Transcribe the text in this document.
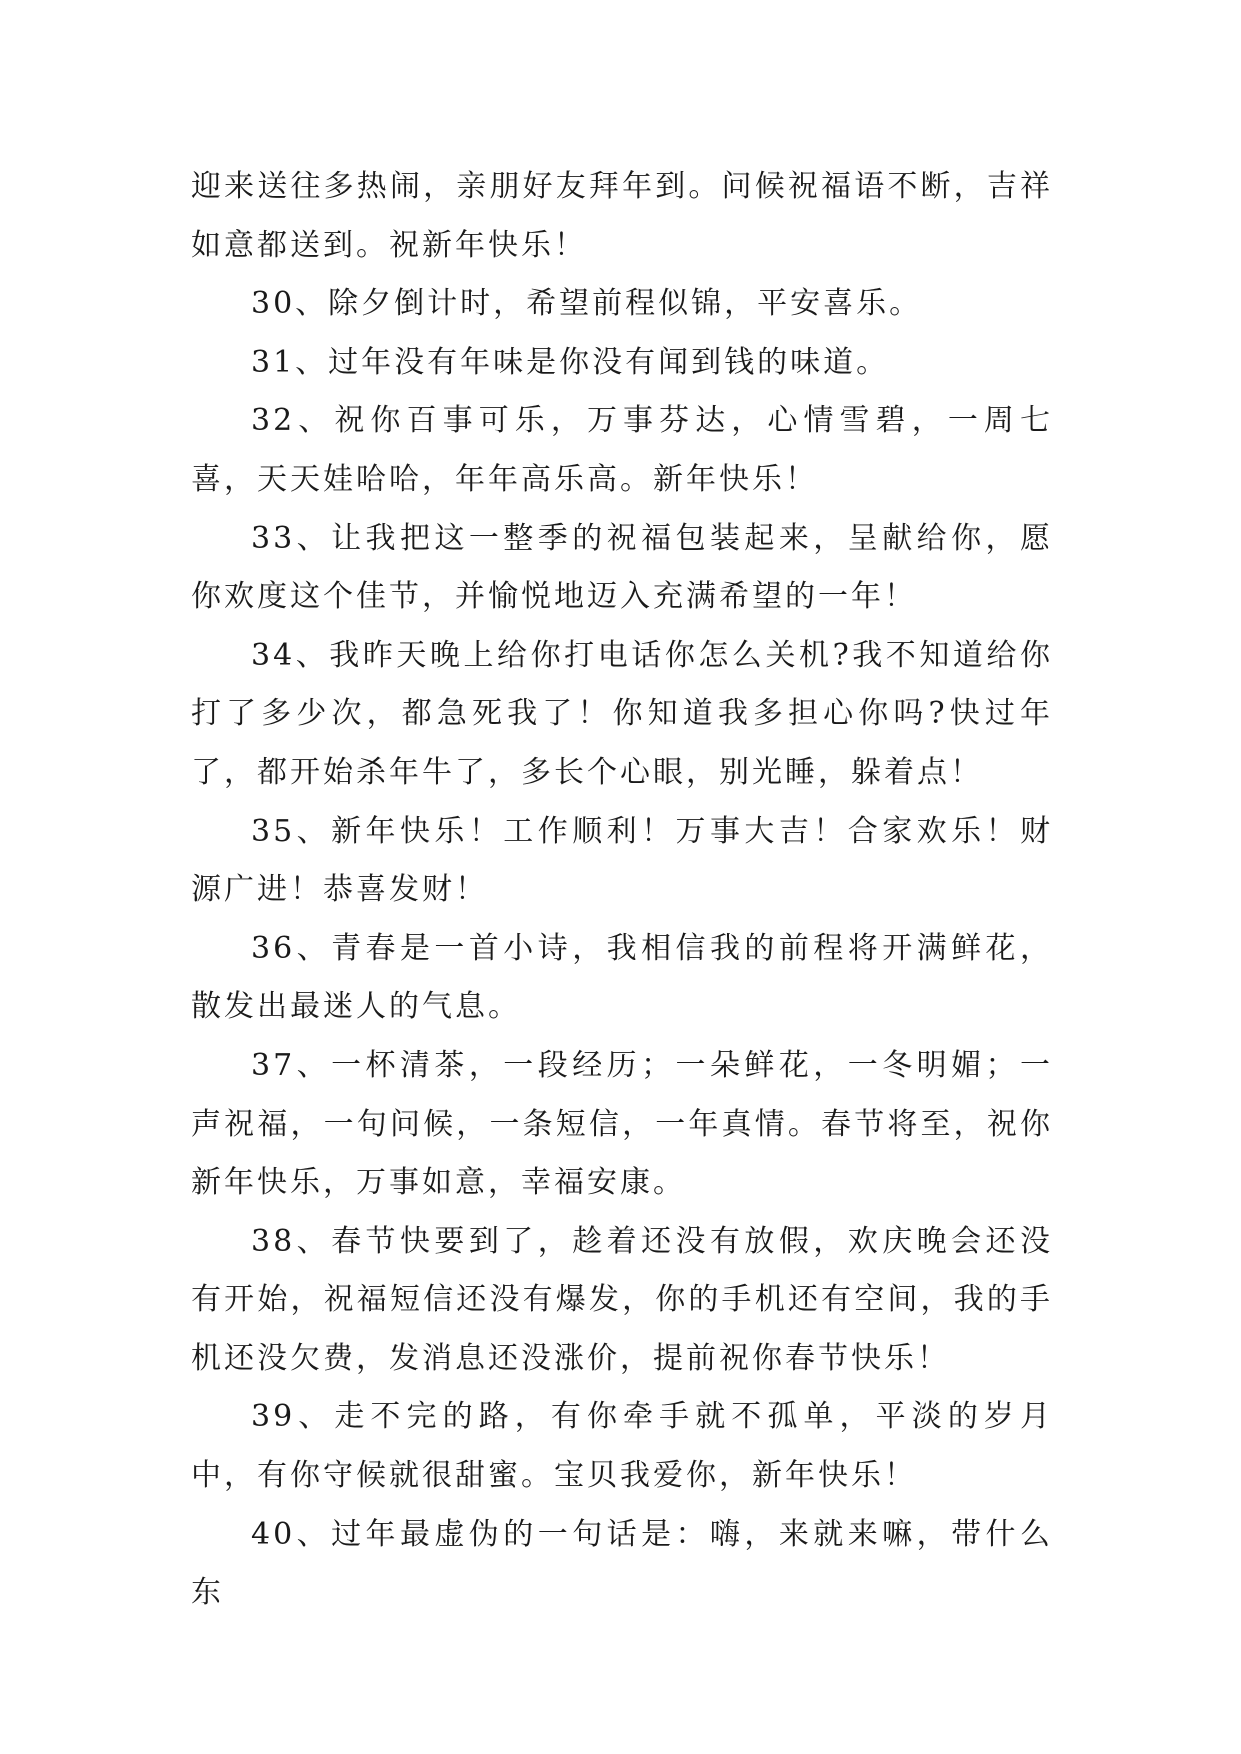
迎来送往多热闹，亲朋好友拜年到。问候祝福语不断，吉祥如意都送到。祝新年快乐！

30、除夕倒计时，希望前程似锦，平安喜乐。

31、过年没有年味是你没有闻到钱的味道。

32、祝你百事可乐，万事芬达，心情雪碧，一周七喜，天天娃哈哈，年年高乐高。新年快乐！

33、让我把这一整季的祝福包装起来，呈献给你，愿你欢度这个佳节，并愉悦地迈入充满希望的一年！

34、我昨天晚上给你打电话你怎么关机?我不知道给你打了多少次，都急死我了！你知道我多担心你吗?快过年了，都开始杀年牛了，多长个心眼，别光睡，躲着点！

35、新年快乐！工作顺利！万事大吉！合家欢乐！财源广进！恭喜发财！

36、青春是一首小诗，我相信我的前程将开满鲜花，散发出最迷人的气息。

37、一杯清茶，一段经历；一朵鲜花，一冬明媚；一声祝福，一句问候，一条短信，一年真情。春节将至，祝你新年快乐，万事如意，幸福安康。

38、春节快要到了，趁着还没有放假，欢庆晚会还没有开始，祝福短信还没有爆发，你的手机还有空间，我的手机还没欠费，发消息还没涨价，提前祝你春节快乐！

39、走不完的路，有你牵手就不孤单，平淡的岁月中，有你守候就很甜蜜。宝贝我爱你，新年快乐！

40、过年最虚伪的一句话是：嗨，来就来嘛，带什么东
